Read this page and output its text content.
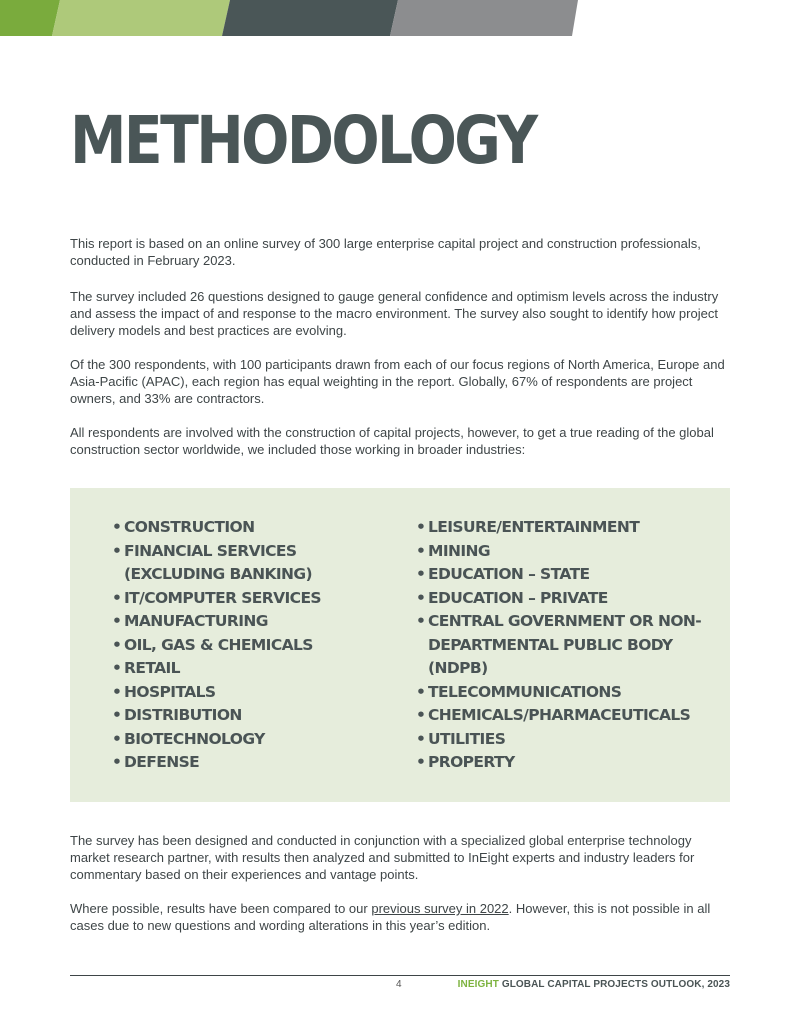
METHODOLOGY

This report is based on an online survey of 300 large enterprise capital project and construction professionals, conducted in February 2023.

The survey included 26 questions designed to gauge general confidence and optimism levels across the industry and assess the impact of and response to the macro environment. The survey also sought to identify how project delivery models and best practices are evolving.

Of the 300 respondents, with 100 participants drawn from each of our focus regions of North America, Europe and Asia-Pacific (APAC), each region has equal weighting in the report. Globally, 67% of respondents are project owners, and 33% are contractors.

All respondents are involved with the construction of capital projects, however, to get a true reading of the global construction sector worldwide, we included those working in broader industries:

• CONSTRUCTION
• FINANCIAL SERVICES (EXCLUDING BANKING)
• IT/COMPUTER SERVICES
• MANUFACTURING
• OIL, GAS & CHEMICALS
• RETAIL
• HOSPITALS
• DISTRIBUTION
• BIOTECHNOLOGY
• DEFENSE
• LEISURE/ENTERTAINMENT
• MINING
• EDUCATION – STATE
• EDUCATION – PRIVATE
• CENTRAL GOVERNMENT OR NON-DEPARTMENTAL PUBLIC BODY (NDPB)
• TELECOMMUNICATIONS
• CHEMICALS/PHARMACEUTICALS
• UTILITIES
• PROPERTY

The survey has been designed and conducted in conjunction with a specialized global enterprise technology market research partner, with results then analyzed and submitted to InEight experts and industry leaders for commentary based on their experiences and vantage points.

Where possible, results have been compared to our previous survey in 2022. However, this is not possible in all cases due to new questions and wording alterations in this year’s edition.

4	INEIGHT GLOBAL CAPITAL PROJECTS OUTLOOK, 2023
